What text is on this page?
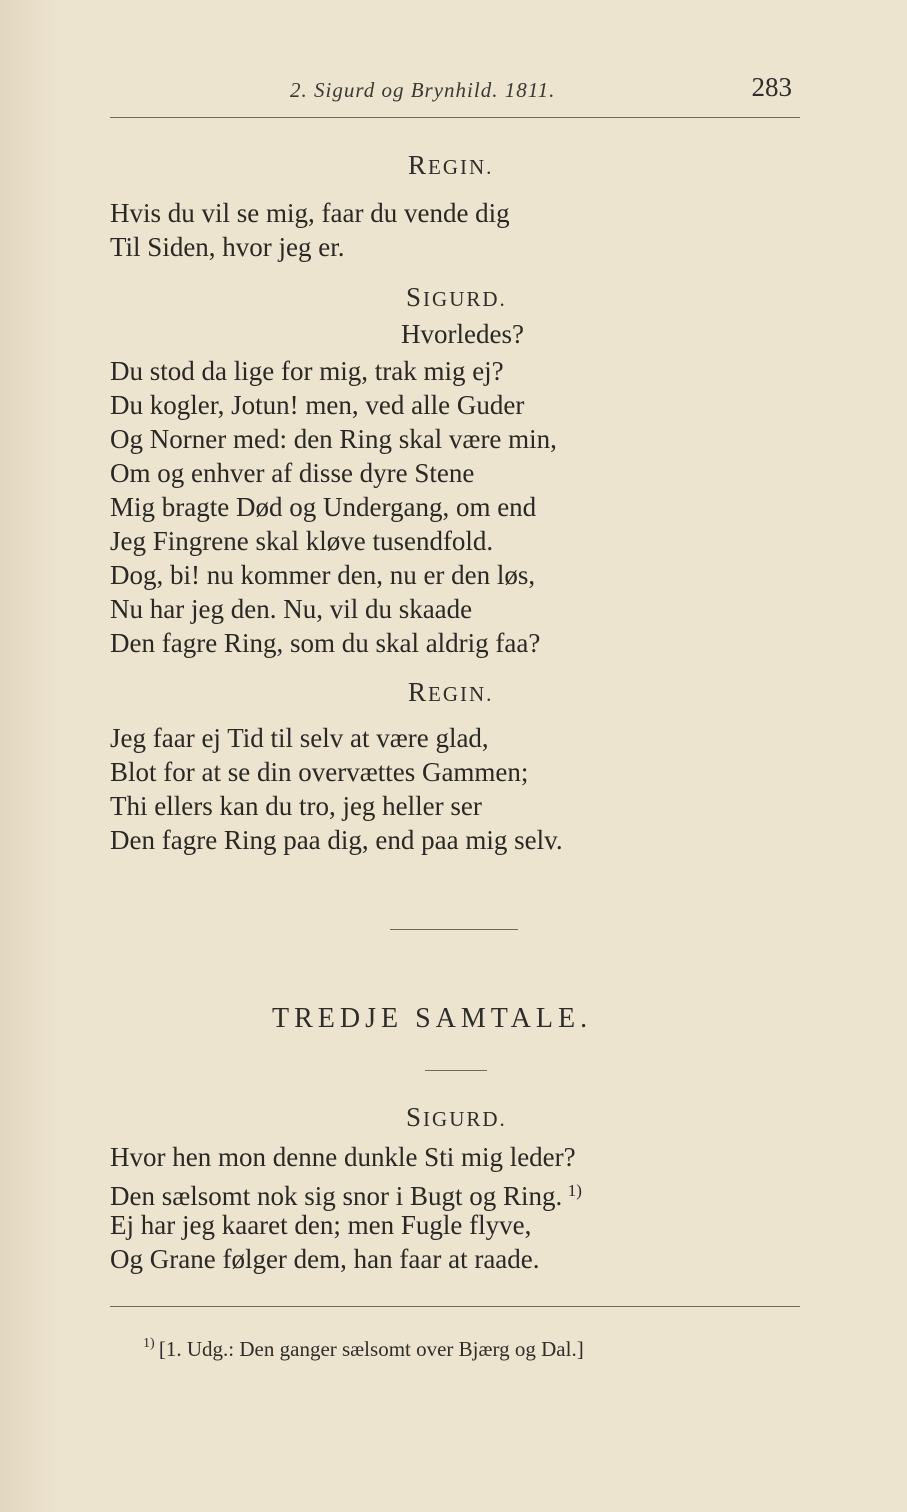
2. Sigurd og Brynhild. 1811.	283
REGIN.
Hvis du vil se mig, faar du vende dig
Til Siden, hvor jeg er.
SIGURD.
Hvorledes?
Du stod da lige for mig, trak mig ej?
Du kogler, Jotun! men, ved alle Guder
Og Norner med: den Ring skal være min,
Om og enhver af disse dyre Stene
Mig bragte Død og Undergang, om end
Jeg Fingrene skal kløve tusendfold.
Dog, bi! nu kommer den, nu er den løs,
Nu har jeg den. Nu, vil du skaade
Den fagre Ring, som du skal aldrig faa?
REGIN.
Jeg faar ej Tid til selv at være glad,
Blot for at se din overvættes Gammen;
Thi ellers kan du tro, jeg heller ser
Den fagre Ring paa dig, end paa mig selv.
TREDJE SAMTALE.
SIGURD.
Hvor hen mon denne dunkle Sti mig leder?
Den sælsomt nok sig snor i Bugt og Ring.  $^{1)}$
Ej har jeg kaaret den; men Fugle flyve,
Og Grane følger dem, han faar at raade.
$^{1)}$  [1. Udg.: Den ganger sælsomt over Bjærg og Dal.]
